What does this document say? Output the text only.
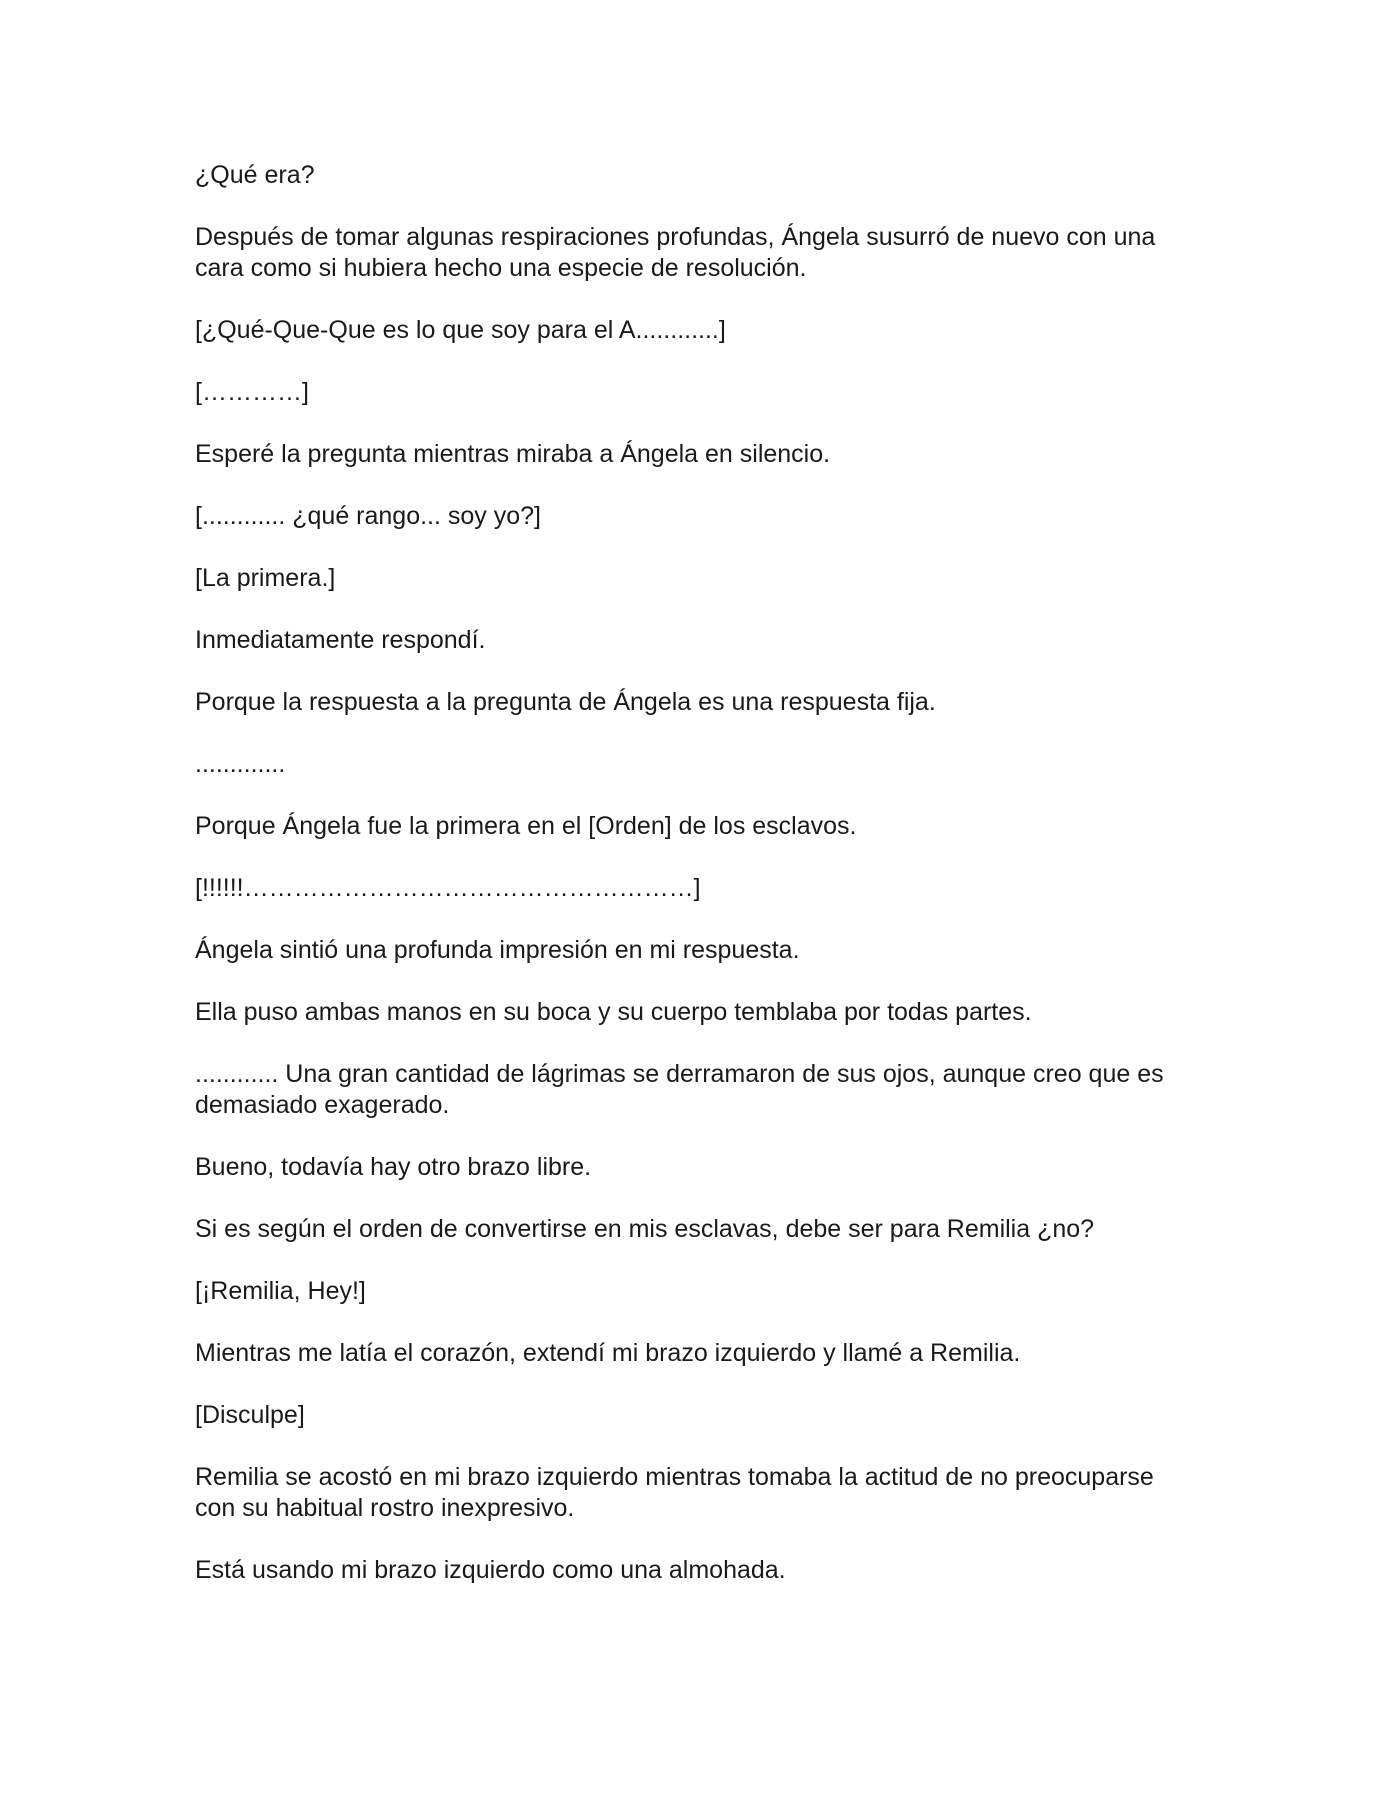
¿Qué era?

Después de tomar algunas respiraciones profundas, Ángela susurró de nuevo con una cara como si hubiera hecho una especie de resolución.

[¿Qué-Que-Que es lo que soy para el A............]

[…………]

Esperé la pregunta mientras miraba a Ángela en silencio.

[............ ¿qué rango... soy yo?]

[La primera.]

Inmediatamente respondí.

Porque la respuesta a la pregunta de Ángela es una respuesta fija.

.............

Porque Ángela fue la primera en el [Orden] de los esclavos.

[!!!!!!………………………………………………]

Ángela sintió una profunda impresión en mi respuesta.

Ella puso ambas manos en su boca y su cuerpo temblaba por todas partes.

............ Una gran cantidad de lágrimas se derramaron de sus ojos, aunque creo que es demasiado exagerado.

Bueno, todavía hay otro brazo libre.

Si es según el orden de convertirse en mis esclavas, debe ser para Remilia ¿no?

[¡Remilia, Hey!]

Mientras me latía el corazón, extendí mi brazo izquierdo y llamé a Remilia.

[Disculpe]

Remilia se acostó en mi brazo izquierdo mientras tomaba la actitud de no preocuparse con su habitual rostro inexpresivo.

Está usando mi brazo izquierdo como una almohada.
